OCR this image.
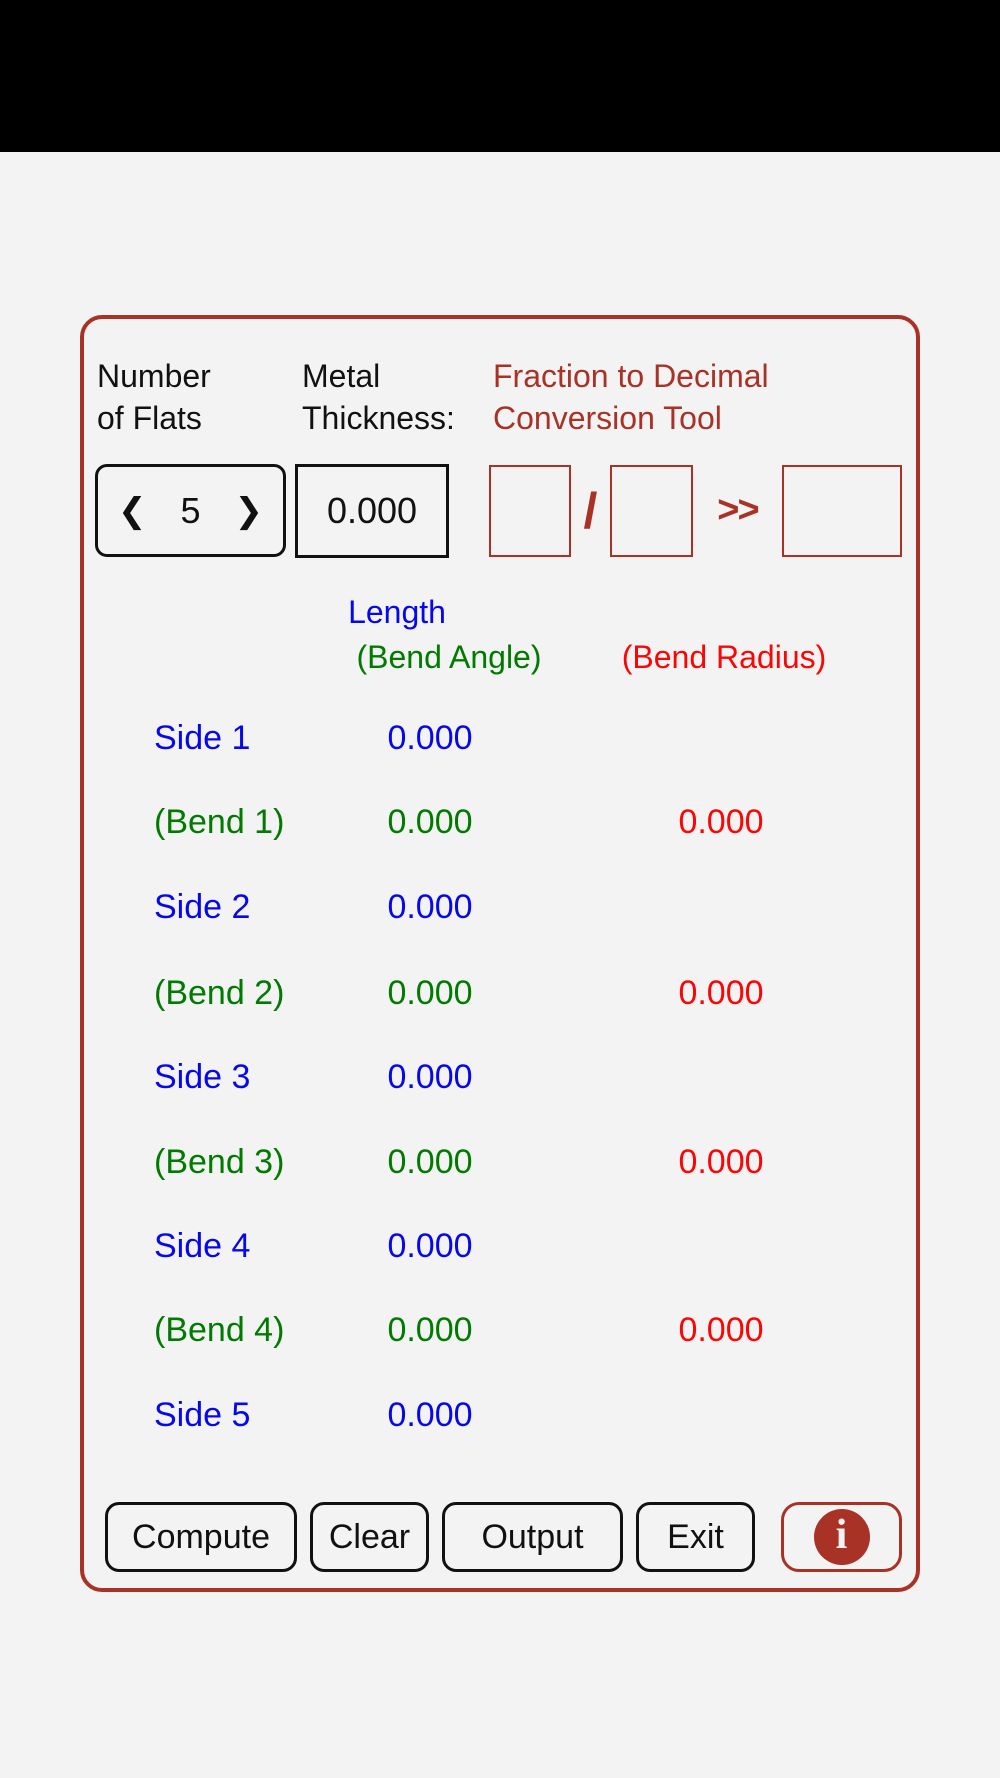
Number
of Flats
Metal
Thickness:
Fraction to Decimal
Conversion Tool
❮ 5 ❯
0.000	/	>>
Length
(Bend Angle)	(Bend Radius)
Side 1	0.000
(Bend 1)	0.000	0.000
Side 2	0.000
(Bend 2)	0.000	0.000
Side 3	0.000
(Bend 3)	0.000	0.000
Side 4	0.000
(Bend 4)	0.000	0.000
Side 5	0.000
Compute	Clear	Output	Exit	i
